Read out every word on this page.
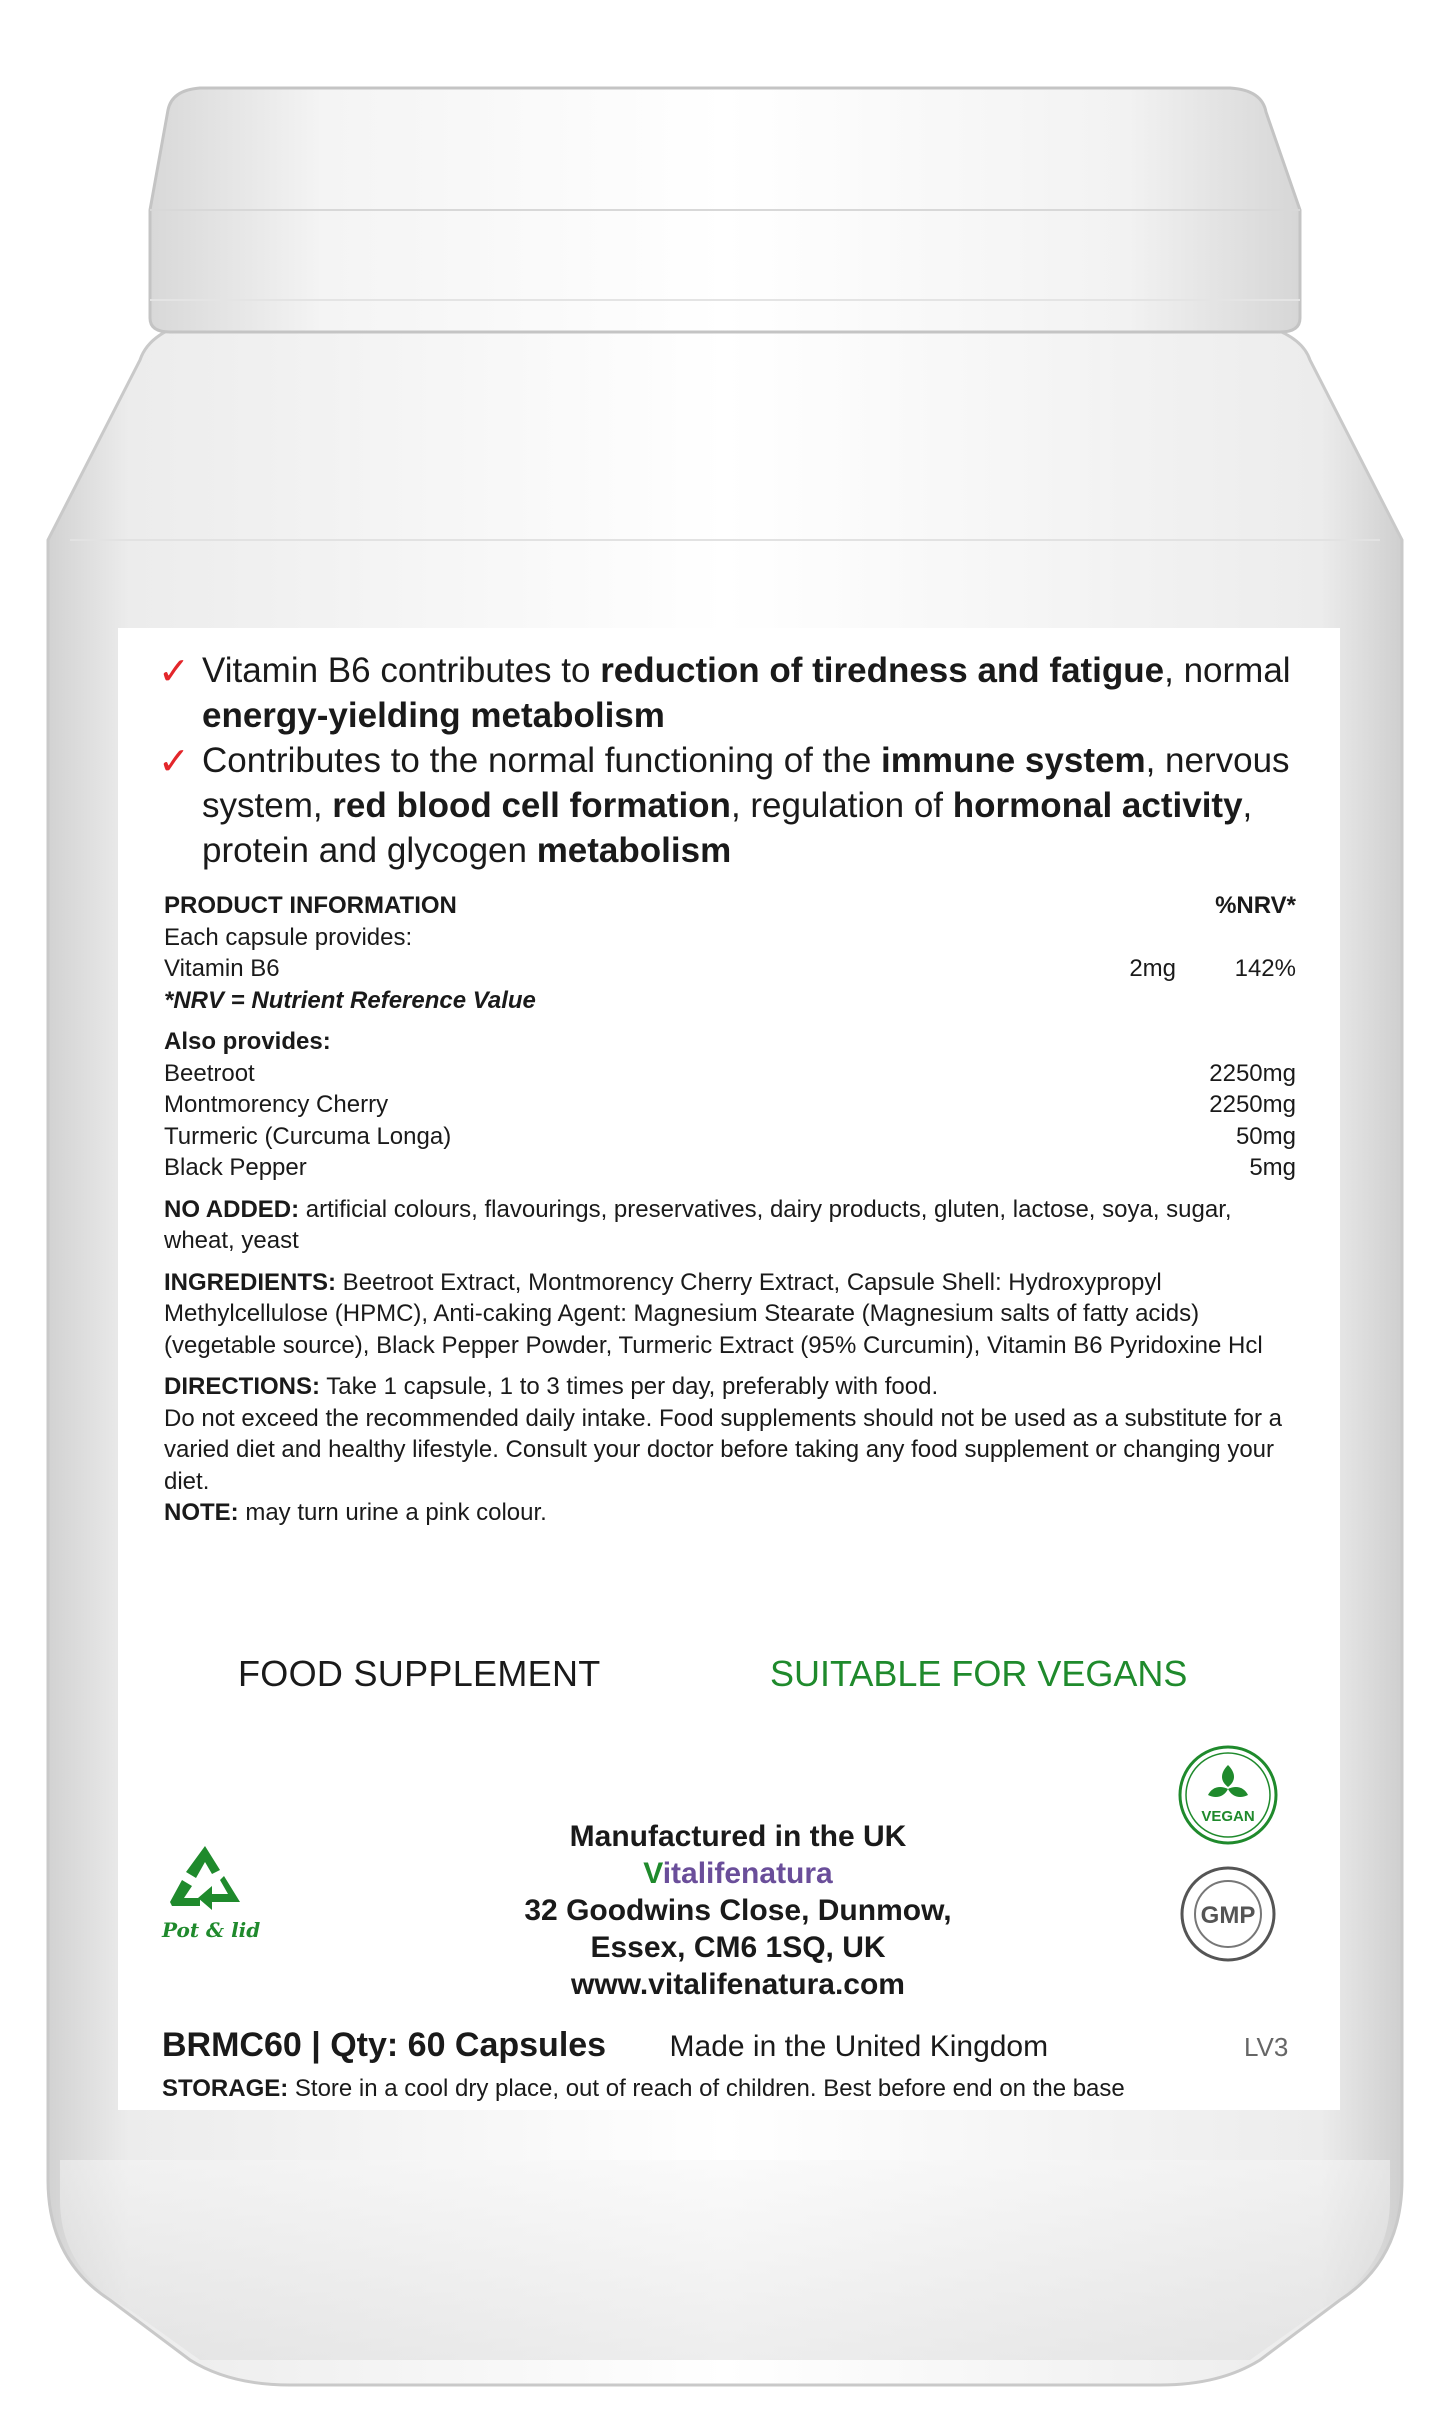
✓ Vitamin B6 contributes to reduction of tiredness and fatigue, normal energy-yielding metabolism
✓ Contributes to the normal functioning of the immune system, nervous system, red blood cell formation, regulation of hormonal activity, protein and glycogen metabolism
PRODUCT INFORMATION	%NRV*
Each capsule provides:
Vitamin B6	2mg	142%
*NRV = Nutrient Reference Value
Also provides:
Beetroot	2250mg
Montmorency Cherry	2250mg
Turmeric (Curcuma Longa)	50mg
Black Pepper	5mg
NO ADDED: artificial colours, flavourings, preservatives, dairy products, gluten, lactose, soya, sugar, wheat, yeast
INGREDIENTS: Beetroot Extract, Montmorency Cherry Extract, Capsule Shell: Hydroxypropyl Methylcellulose (HPMC), Anti-caking Agent: Magnesium Stearate (Magnesium salts of fatty acids) (vegetable source), Black Pepper Powder, Turmeric Extract (95% Curcumin), Vitamin B6 Pyridoxine Hcl
DIRECTIONS: Take 1 capsule, 1 to 3 times per day, preferably with food.
Do not exceed the recommended daily intake. Food supplements should not be used as a substitute for a varied diet and healthy lifestyle. Consult your doctor before taking any food supplement or changing your diet.
NOTE: may turn urine a pink colour.
FOOD SUPPLEMENT	SUITABLE FOR VEGANS
VEGAN
GMP
Manufactured in the UK
Vitalifenatura
32 Goodwins Close, Dunmow,
Essex, CM6 1SQ, UK
www.vitalifenatura.com
Pot & lid
BRMC60 | Qty: 60 Capsules Made in the United Kingdom	LV3
STORAGE: Store in a cool dry place, out of reach of children. Best before end on the base
